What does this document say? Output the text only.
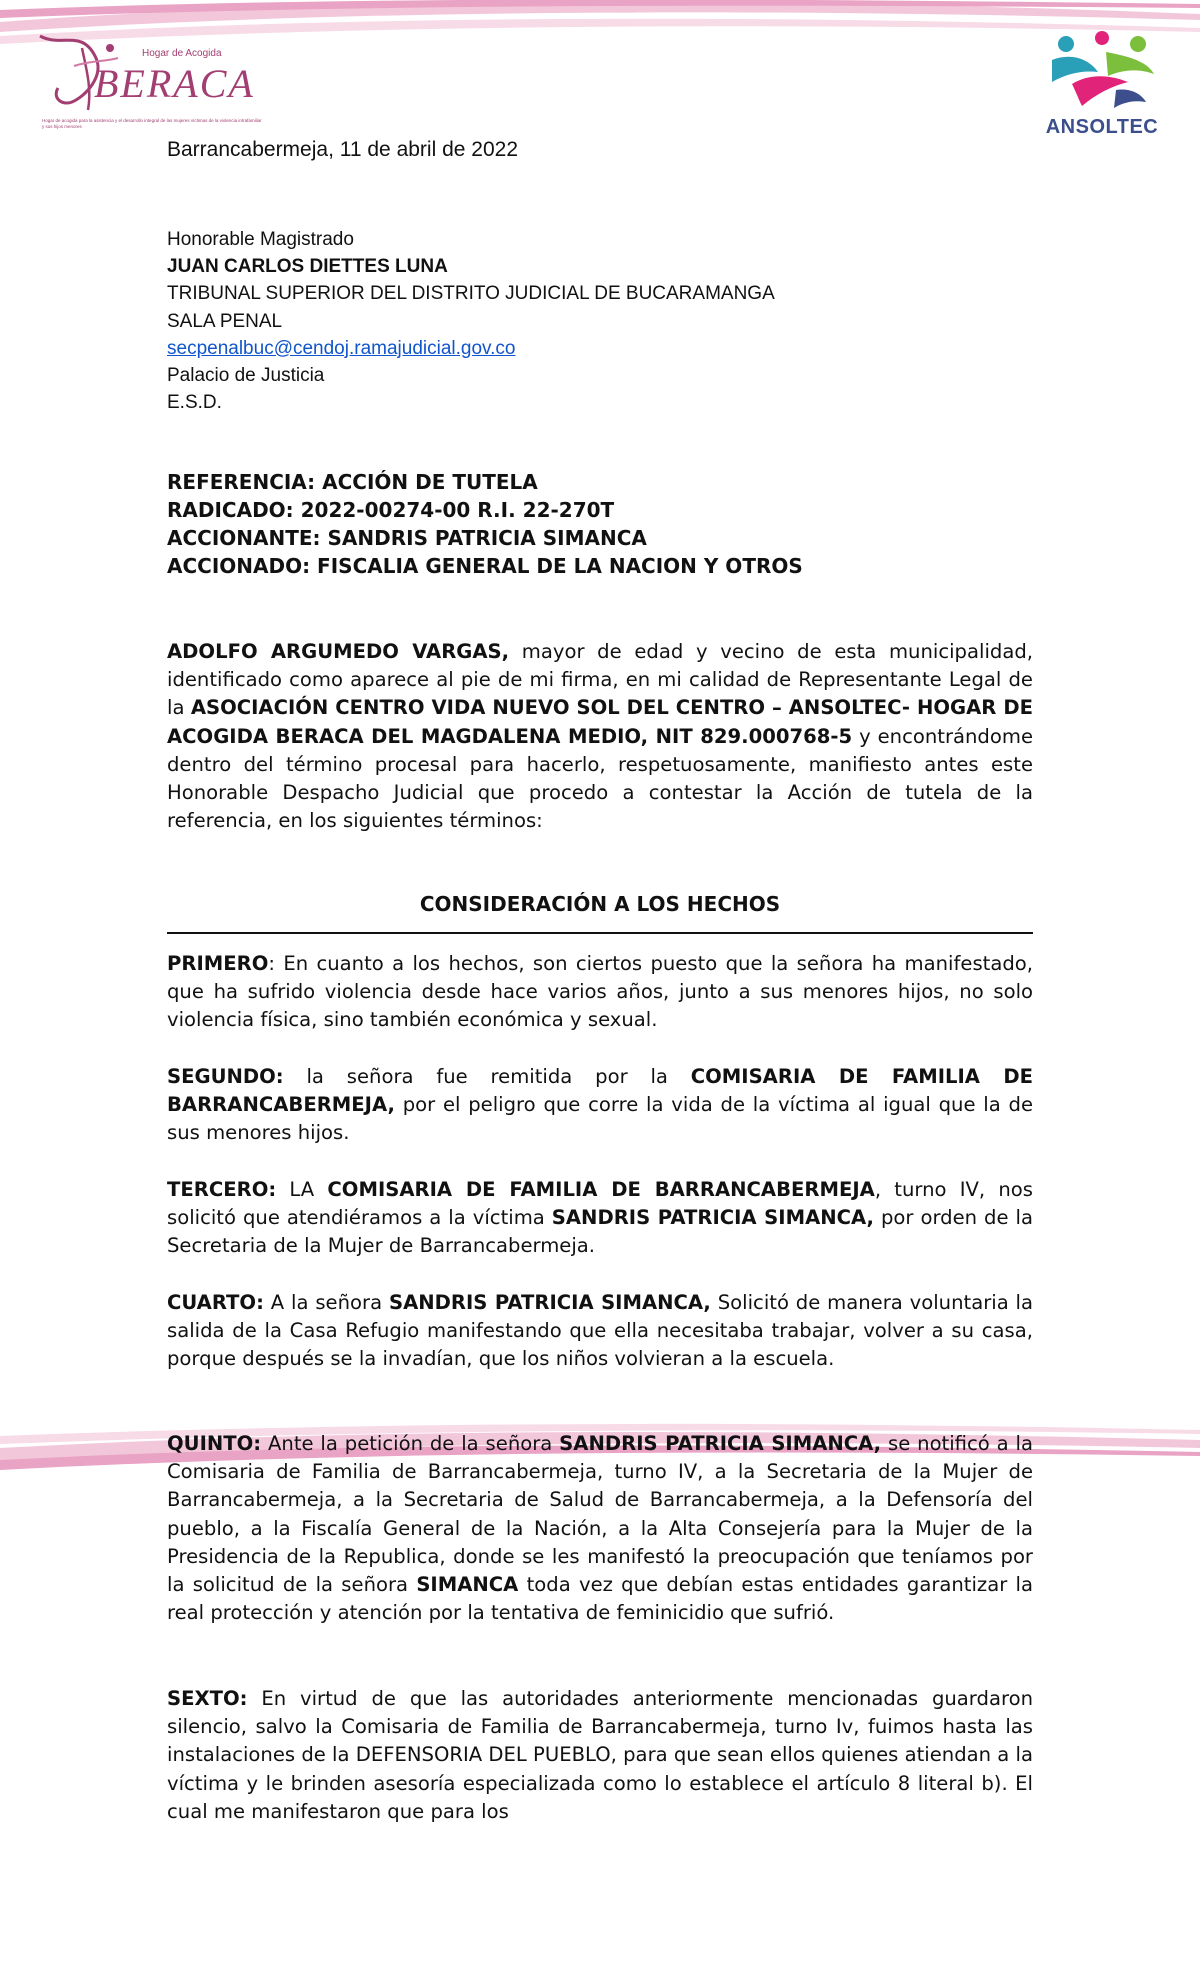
Hogar de Acogida
BERACA
Hogar de acogida para la asistencia y el desarrollo integral de las mujeres víctimas de la violencia intrafamiliar y sus hijos menores	ANSOLTEC
Barrancabermeja, 11 de abril de 2022
Honorable Magistrado
JUAN CARLOS DIETTES LUNA
TRIBUNAL SUPERIOR DEL DISTRITO JUDICIAL DE BUCARAMANGA
SALA PENAL
secpenalbuc@cendoj.ramajudicial.gov.co
Palacio de Justicia
E.S.D.
REFERENCIA: ACCIÓN DE TUTELA
RADICADO: 2022-00274-00 R.I. 22-270T
ACCIONANTE: SANDRIS PATRICIA SIMANCA
ACCIONADO: FISCALIA GENERAL DE LA NACION Y OTROS
ADOLFO ARGUMEDO VARGAS, mayor de edad y vecino de esta municipalidad, identificado como aparece al pie de mi firma, en mi calidad de Representante Legal de la ASOCIACIÓN CENTRO VIDA NUEVO SOL DEL CENTRO – ANSOLTEC- HOGAR DE ACOGIDA BERACA DEL MAGDALENA MEDIO, NIT 829.000768-5 y encontrándome dentro del término procesal para hacerlo, respetuosamente, manifiesto antes este Honorable Despacho Judicial que procedo a contestar la Acción de tutela de la referencia, en los siguientes términos:
CONSIDERACIÓN A LOS HECHOS
PRIMERO: En cuanto a los hechos, son ciertos puesto que la señora ha manifestado, que ha sufrido violencia desde hace varios años, junto a sus menores hijos, no solo violencia física, sino también económica y sexual.
SEGUNDO: la señora fue remitida por la COMISARIA DE FAMILIA DE BARRANCABERMEJA, por el peligro que corre la vida de la víctima al igual que la de sus menores hijos.
TERCERO: LA COMISARIA DE FAMILIA DE BARRANCABERMEJA, turno IV, nos solicitó que atendiéramos a la víctima SANDRIS PATRICIA SIMANCA, por orden de la Secretaria de la Mujer de Barrancabermeja.
CUARTO: A la señora SANDRIS PATRICIA SIMANCA, Solicitó de manera voluntaria la salida de la Casa Refugio manifestando que ella necesitaba trabajar, volver a su casa, porque después se la invadían, que los niños volvieran a la escuela.
QUINTO: Ante la petición de la señora SANDRIS PATRICIA SIMANCA, se notificó a la Comisaria de Familia de Barrancabermeja, turno IV, a la Secretaria de la Mujer de Barrancabermeja, a la Secretaria de Salud de Barrancabermeja, a la Defensoría del pueblo, a la Fiscalía General de la Nación, a la Alta Consejería para la Mujer de la Presidencia de la Republica, donde se les manifestó la preocupación que teníamos por la solicitud de la señora SIMANCA toda vez que debían estas entidades garantizar la real protección y atención por la tentativa de feminicidio que sufrió.
SEXTO: En virtud de que las autoridades anteriormente mencionadas guardaron silencio, salvo la Comisaria de Familia de Barrancabermeja, turno Iv, fuimos hasta las instalaciones de la DEFENSORIA DEL PUEBLO, para que sean ellos quienes atiendan a la víctima y le brinden asesoría especializada como lo establece el artículo 8 literal b). El cual me manifestaron que para los
